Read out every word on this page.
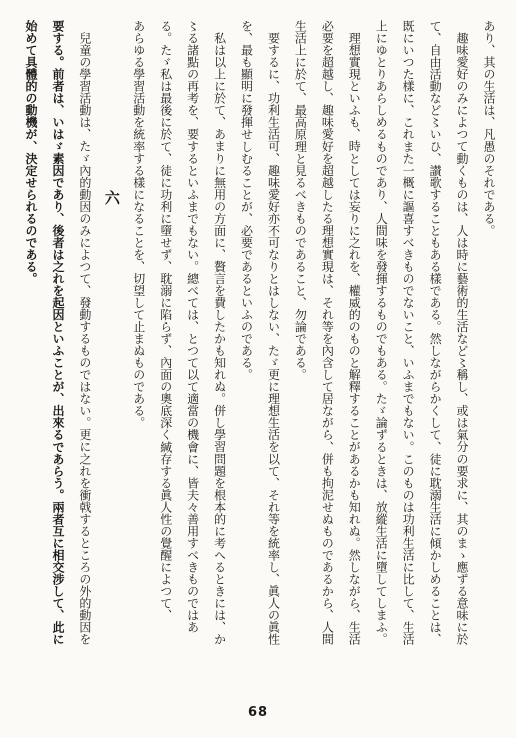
あり、其の生活は、凡愚のそれである。
趣味愛好のみによつて動くものは、人は時に藝術的生活など〻稱し、或は氣分の要求に、其のまゝ應ずる意味に於
て、自由活動など〻いひ、讃歌することもある樣である。然しながらかくして、徒に耽溺生活に傾かしめることは、
既にいつた樣に、これまた一概に謳喜すべきものでないこと、いふまでもない。このものは功利生活に比して、生活
上にゆとりあらしめるものであり、人間味を發揮するものでもある。たゞ論ずるときは、放縱生活に墮してしまふ。
理想實現といふも、時としては妄りに之れを、權威的のものと解釋することがあるかも知れぬ。然しながら、生活
必要を超越し、趣味愛好を超越したる理想實現は、それ等を內含して居ながら、併も拘泥せぬものであるから、人間
生活上に於て、最高原理と見るべきものであること、勿論である。
要するに、功利生活可、趣味愛好亦不可なりとはしない、たゞ更に理想生活を以て、それ等を統率し、眞人の眞性
を、最も顯明に發揮せしむることが、必要であるといふのである。
私は以上に於て、あまりに無用の方面に、贅言を費したかも知れぬ。併し學習問題を根本的に考へるときには、か
〻る諸點の再考を、要するといふまでもない。總べては、とつて以て適當の機會に、皆夫々善用すべきものではあ
る。たゞ私は最後に於て、徒に功利に墮せず、耽溺に陷らず、內面の奧底深く緘存する眞人性の覺醒によつて、
あらゆる學習活動を統率する樣になることを、切望して止まぬものである。
六
兒童の學習活動は、たゞ內的動因のみによつて、發動するものではない。更に之れを衝戟するところの外的動因を
要する。前者は、いはゞ素因であり、後者は之れを起因といふことが、出來るであらう。兩者互に相交涉して、此に
始めて具體的の動機が、決定せられるのである。
68
